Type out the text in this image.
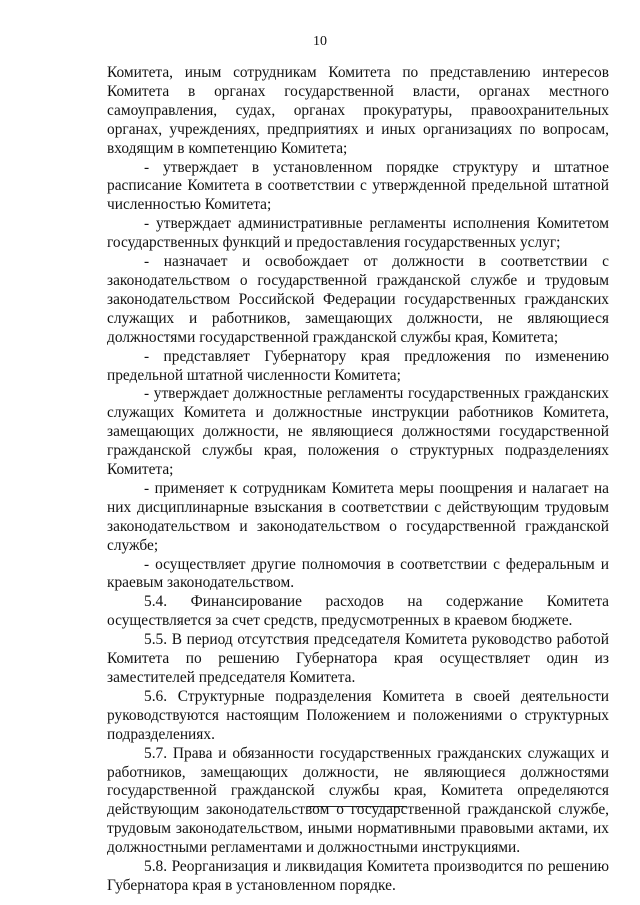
10

Комитета, иным сотрудникам Комитета по представлению интересов Комитета в органах государственной власти, органах местного самоуправления, судах, органах прокуратуры, правоохранительных органах, учреждениях, предприятиях и иных организациях по вопросам, входящим в компетенцию Комитета;

- утверждает в установленном порядке структуру и штатное расписание Комитета в соответствии с утвержденной предельной штатной численностью Комитета;

- утверждает административные регламенты исполнения Комитетом государственных функций и предоставления государственных услуг;

- назначает и освобождает от должности в соответствии с законодательством о государственной гражданской службе и трудовым законодательством Российской Федерации государственных гражданских служащих и работников, замещающих должности, не являющиеся должностями государственной гражданской службы края, Комитета;

- представляет Губернатору края предложения по изменению предельной штатной численности Комитета;

- утверждает должностные регламенты государственных гражданских служащих Комитета и должностные инструкции работников Комитета, замещающих должности, не являющиеся должностями государственной гражданской службы края, положения о структурных подразделениях Комитета;

- применяет к сотрудникам Комитета меры поощрения и налагает на них дисциплинарные взыскания в соответствии с действующим трудовым законодательством и законодательством о государственной гражданской службе;

- осуществляет другие полномочия в соответствии с федеральным и краевым законодательством.

5.4. Финансирование расходов на содержание Комитета осуществляется за счет средств, предусмотренных в краевом бюджете.

5.5. В период отсутствия председателя Комитета руководство работой Комитета по решению Губернатора края осуществляет один из заместителей председателя Комитета.

5.6. Структурные подразделения Комитета в своей деятельности руководствуются настоящим Положением и положениями о структурных подразделениях.

5.7. Права и обязанности государственных гражданских служащих и работников, замещающих должности, не являющиеся должностями государственной гражданской службы края, Комитета определяются действующим законодательством о государственной гражданской службе, трудовым законодательством, иными нормативными правовыми актами, их должностными регламентами и должностными инструкциями.

5.8. Реорганизация и ликвидация Комитета производится по решению Губернатора края в установленном порядке.
